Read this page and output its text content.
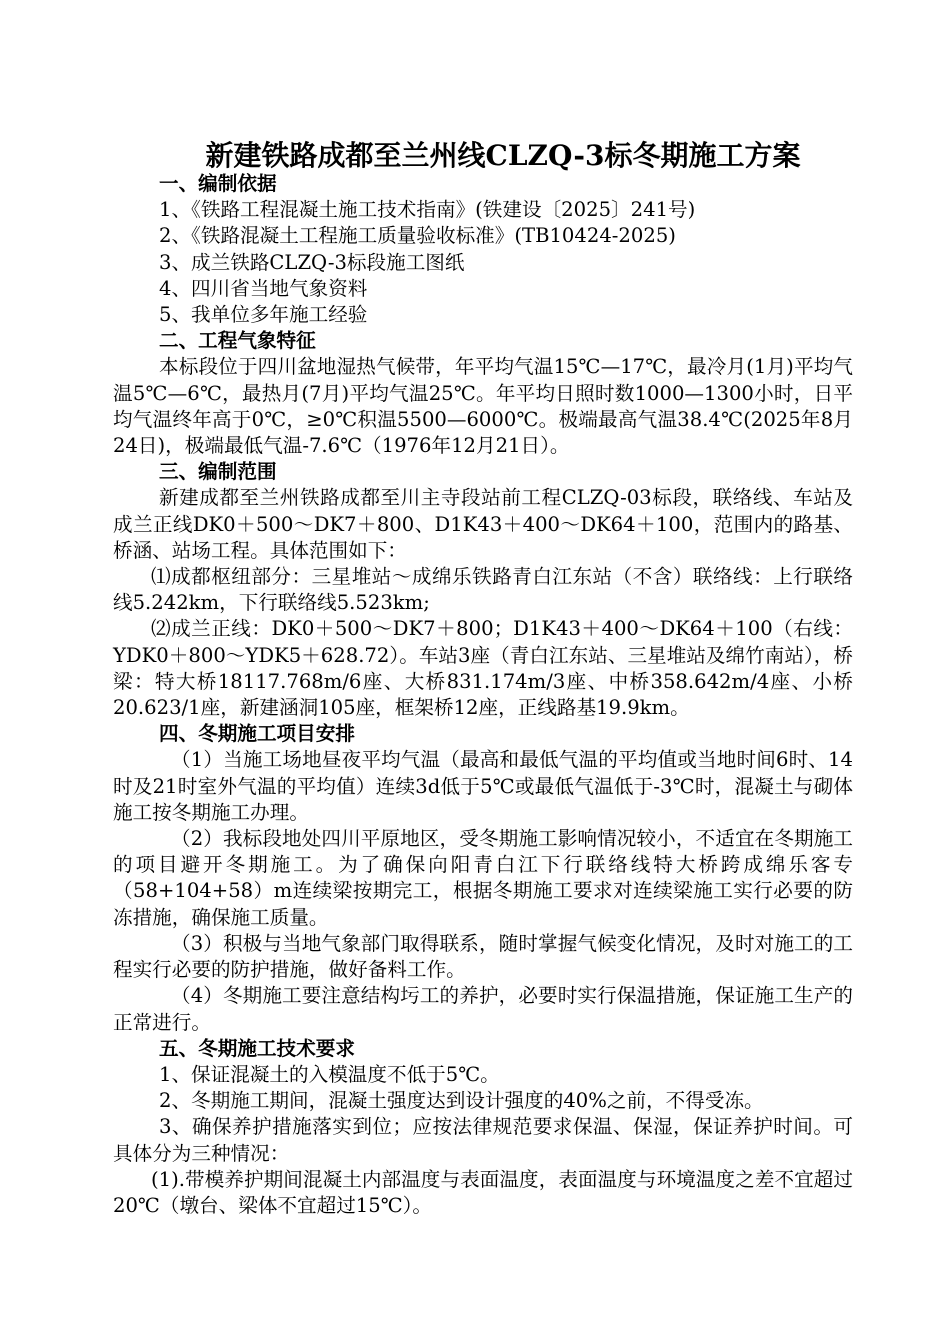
新建铁路成都至兰州线CLZQ-3标冬期施工方案

一、编制依据

1、《铁路工程混凝土施工技术指南》(铁建设〔2025〕241号)

2、《铁路混凝土工程施工质量验收标准》(TB10424-2025)

3、成兰铁路CLZQ-3标段施工图纸

4、四川省当地气象资料

5、我单位多年施工经验

二、工程气象特征

本标段位于四川盆地湿热气候带，年平均气温15℃—17℃，最冷月(1月)平均气温5℃—6℃，最热月(7月)平均气温25℃。年平均日照时数1000—1300小时，日平均气温终年高于0℃，≥0℃积温5500—6000℃。极端最高气温38.4℃(2025年8月24日)，极端最低气温-7.6℃（1976年12月21日）。

三、编制范围

新建成都至兰州铁路成都至川主寺段站前工程CLZQ-03标段，联络线、车站及成兰正线DK0＋500～DK7＋800、D1K43＋400～DK64＋100，范围内的路基、桥涵、站场工程。具体范围如下：

⑴成都枢纽部分：三星堆站～成绵乐铁路青白江东站（不含）联络线：上行联络线5.242km，下行联络线5.523km;

⑵成兰正线：DK0＋500～DK7＋800；D1K43＋400～DK64＋100（右线：YDK0＋800～YDK5＋628.72）。车站3座（青白江东站、三星堆站及绵竹南站），桥梁：特大桥18117.768m/6座、大桥831.174m/3座、中桥358.642m/4座、小桥20.623/1座，新建涵洞105座，框架桥12座，正线路基19.9km。

四、冬期施工项目安排

（1）当施工场地昼夜平均气温（最高和最低气温的平均值或当地时间6时、14时及21时室外气温的平均值）连续3d低于5℃或最低气温低于-3℃时，混凝土与砌体施工按冬期施工办理。

（2）我标段地处四川平原地区，受冬期施工影响情况较小，不适宜在冬期施工的项目避开冬期施工。为了确保向阳青白江下行联络线特大桥跨成绵乐客专（58+104+58）m连续梁按期完工，根据冬期施工要求对连续梁施工实行必要的防冻措施，确保施工质量。

（3）积极与当地气象部门取得联系，随时掌握气候变化情况，及时对施工的工程实行必要的防护措施，做好备料工作。

（4）冬期施工要注意结构圬工的养护，必要时实行保温措施，保证施工生产的正常进行。

五、冬期施工技术要求

1、保证混凝土的入模温度不低于5℃。

2、冬期施工期间，混凝土强度达到设计强度的40%之前，不得受冻。

3、确保养护措施落实到位；应按法律规范要求保温、保湿，保证养护时间。可具体分为三种情况：

(1).带模养护期间混凝土内部温度与表面温度，表面温度与环境温度之差不宜超过20℃（墩台、梁体不宜超过15℃）。
